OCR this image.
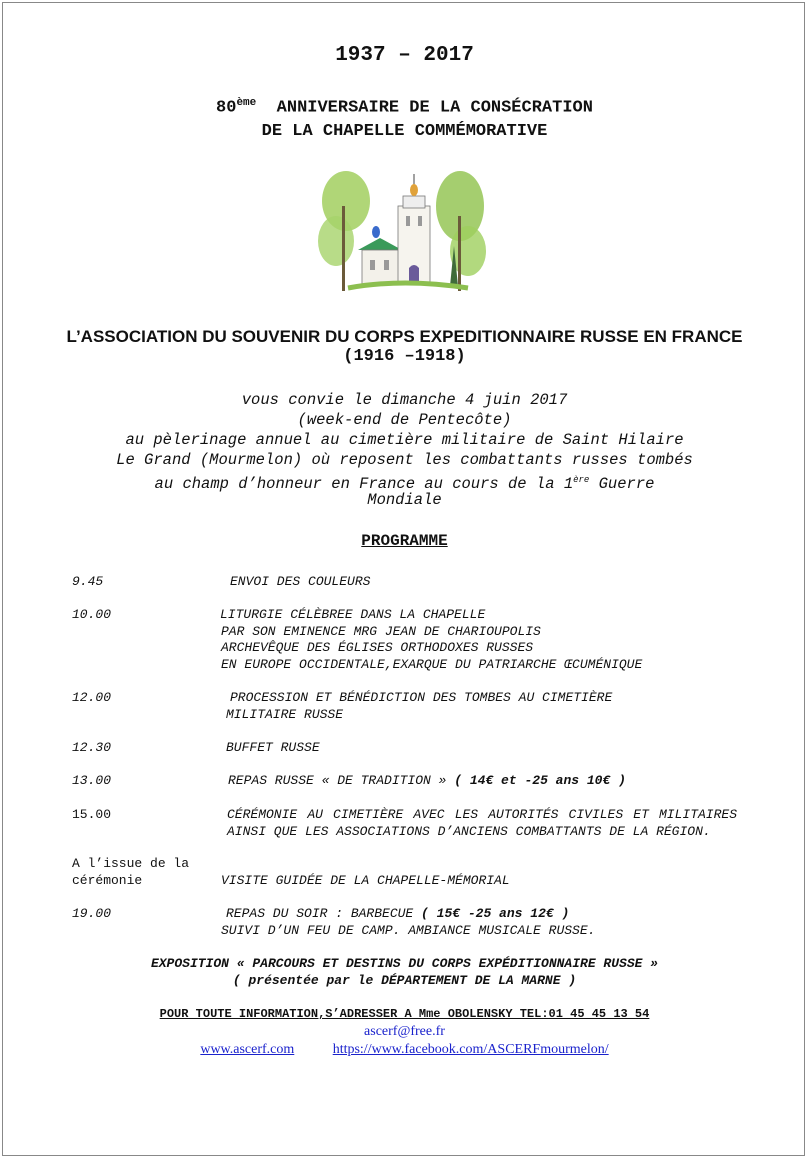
1937 – 2017
80ème ANNIVERSAIRE DE LA CONSÉCRATION
DE LA CHAPELLE COMMÉMORATIVE
L’ASSOCIATION DU SOUVENIR DU CORPS EXPEDITIONNAIRE RUSSE EN FRANCE
(1916 –1918)
vous convie le dimanche 4 juin 2017
(week-end de Pentecôte)
au pèlerinage annuel au cimetière militaire de Saint Hilaire
Le Grand (Mourmelon) où reposent les combattants russes tombés
au champ d’honneur en France au cours de la 1ère Guerre
Mondiale
PROGRAMME
9.45	ENVOI DES COULEURS
10.00	LITURGIE CÉLÈBREE DANS LA CHAPELLE
PAR SON EMINENCE MRG JEAN DE CHARIOUPOLIS
ARCHEVÊQUE DES ÉGLISES ORTHODOXES RUSSES
EN EUROPE OCCIDENTALE,EXARQUE DU PATRIARCHE ŒCUMÉNIQUE
12.00	PROCESSION ET BÉNÉDICTION DES TOMBES AU CIMETIÈRE
MILITAIRE RUSSE
12.30	BUFFET RUSSE
13.00	REPAS RUSSE « DE TRADITION » ( 14€ et -25 ans 10€ )
15.00	CÉRÉMONIE AU CIMETIÈRE AVEC LES AUTORITÉS CIVILES ET MILITAIRES AINSI QUE LES ASSOCIATIONS D’ANCIENS COMBATTANTS DE LA RÉGION.
A l’issue de la
cérémonie	VISITE GUIDÉE DE LA CHAPELLE-MÉMORIAL
19.00	REPAS DU SOIR : BARBECUE ( 15€ -25 ans 12€ )
SUIVI D’UN FEU DE CAMP. AMBIANCE MUSICALE RUSSE.
EXPOSITION « PARCOURS ET DESTINS DU CORPS EXPÉDITIONNAIRE RUSSE »
( présentée par le DÉPARTEMENT DE LA MARNE )
POUR TOUTE INFORMATION,S’ADRESSER A Mme OBOLENSKY TEL:01 45 45 13 54
ascerf@free.fr
www.ascerf.com	https://www.facebook.com/ASCERFmourmelon/
